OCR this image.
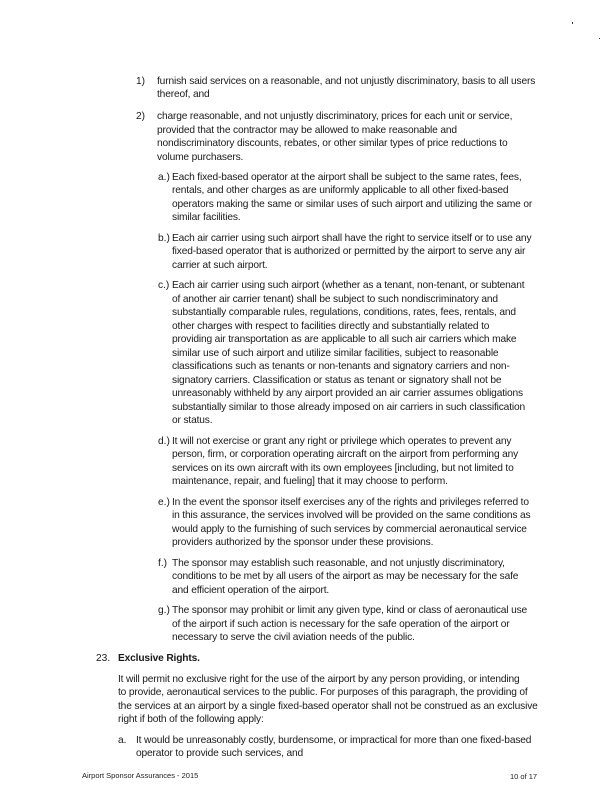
1) furnish said services on a reasonable, and not unjustly discriminatory, basis to all users
thereof, and
2) charge reasonable, and not unjustly discriminatory, prices for each unit or service,
provided that the contractor may be allowed to make reasonable and
nondiscriminatory discounts, rebates, or other similar types of price reductions to
volume purchasers.
a.) Each fixed-based operator at the airport shall be subject to the same rates, fees,
rentals, and other charges as are uniformly applicable to all other fixed-based
operators making the same or similar uses of such airport and utilizing the same or
similar facilities.
b.) Each air carrier using such airport shall have the right to service itself or to use any
fixed-based operator that is authorized or permitted by the airport to serve any air
carrier at such airport.
c.) Each air carrier using such airport (whether as a tenant, non-tenant, or subtenant
of another air carrier tenant) shall be subject to such nondiscriminatory and
substantially comparable rules, regulations, conditions, rates, fees, rentals, and
other charges with respect to facilities directly and substantially related to
providing air transportation as are applicable to all such air carriers which make
similar use of such airport and utilize similar facilities, subject to reasonable
classifications such as tenants or non-tenants and signatory carriers and non-
signatory carriers. Classification or status as tenant or signatory shall not be
unreasonably withheld by any airport provided an air carrier assumes obligations
substantially similar to those already imposed on air carriers in such classification
or status.
d.) It will not exercise or grant any right or privilege which operates to prevent any
person, firm, or corporation operating aircraft on the airport from performing any
services on its own aircraft with its own employees [including, but not limited to
maintenance, repair, and fueling] that it may choose to perform.
e.) In the event the sponsor itself exercises any of the rights and privileges referred to
in this assurance, the services involved will be provided on the same conditions as
would apply to the furnishing of such services by commercial aeronautical service
providers authorized by the sponsor under these provisions.
f.) The sponsor may establish such reasonable, and not unjustly discriminatory,
conditions to be met by all users of the airport as may be necessary for the safe
and efficient operation of the airport.
g.) The sponsor may prohibit or limit any given type, kind or class of aeronautical use
of the airport if such action is necessary for the safe operation of the airport or
necessary to serve the civil aviation needs of the public.
23. Exclusive Rights.
It will permit no exclusive right for the use of the airport by any person providing, or intending
to provide, aeronautical services to the public. For purposes of this paragraph, the providing of
the services at an airport by a single fixed-based operator shall not be construed as an exclusive
right if both of the following apply:
a. It would be unreasonably costly, burdensome, or impractical for more than one fixed-based
operator to provide such services, and
Airport Sponsor Assurances - 2015	10 of 17
